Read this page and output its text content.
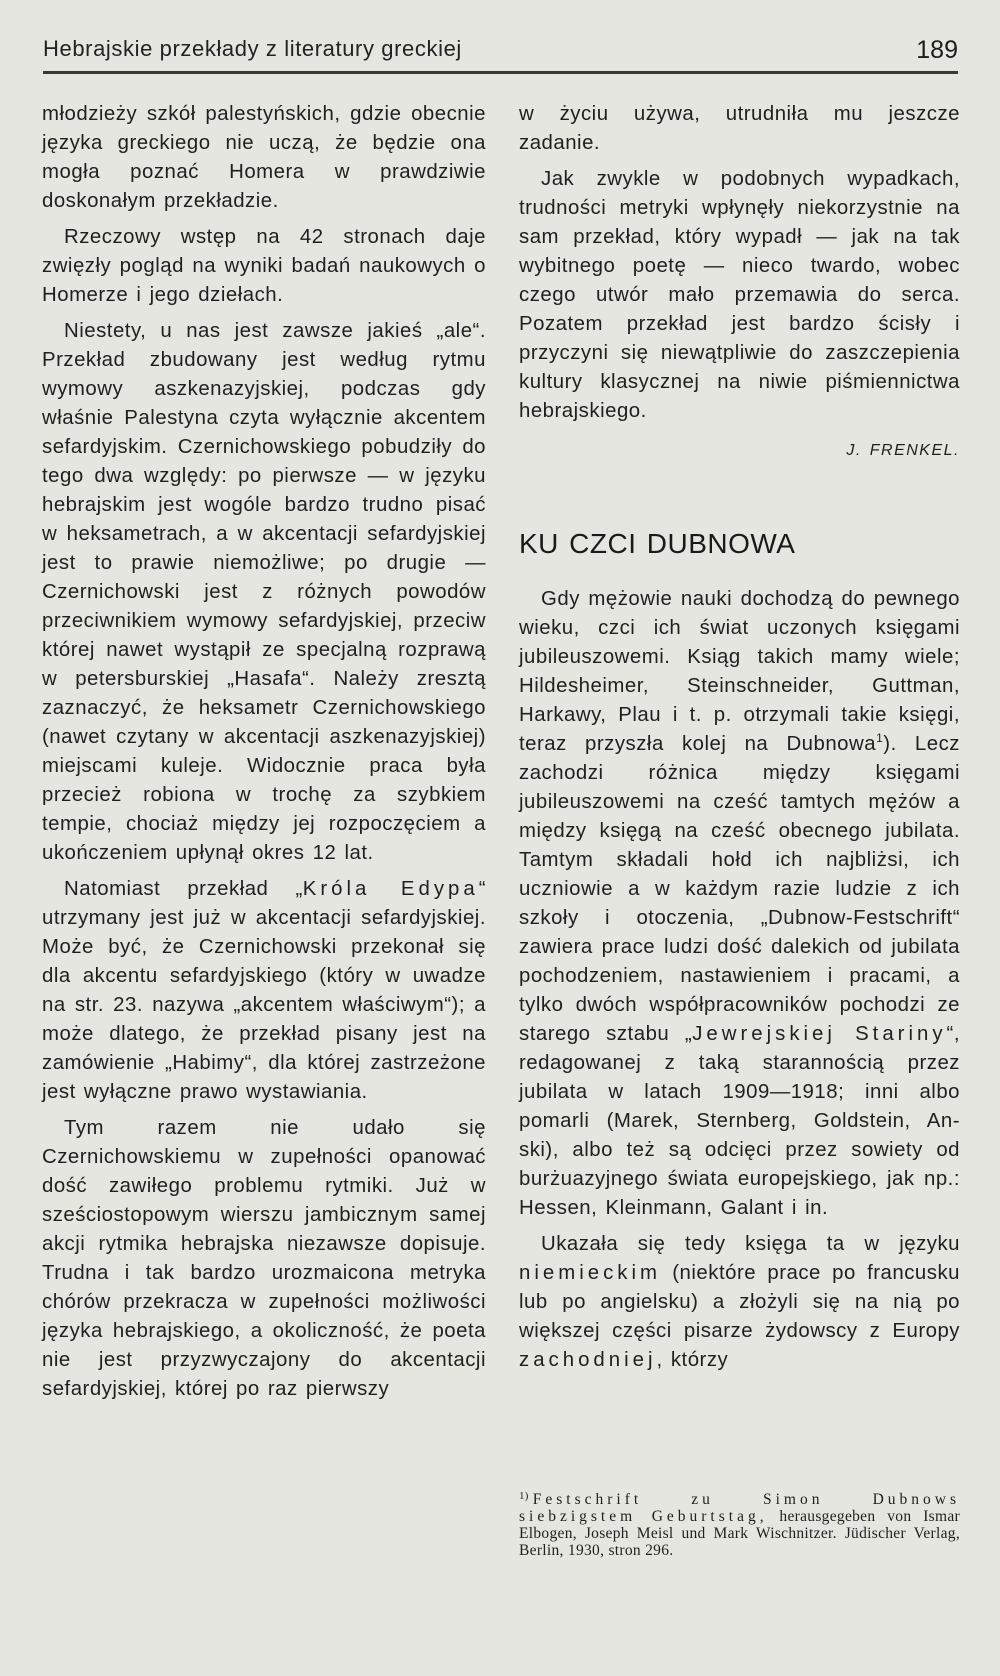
Hebrajskie przekłady z literatury greckiej	189

młodzieży szkół palestyńskich, gdzie obecnie języka greckiego nie uczą, że będzie ona mogła poznać Homera w prawdziwie doskonałym przekładzie.

Rzeczowy wstęp na 42 stronach daje zwięzły pogląd na wyniki badań naukowych o Homerze i jego dziełach.

Niestety, u nas jest zawsze jakieś „ale“. Przekład zbudowany jest według rytmu wymowy aszkenazyjskiej, podczas gdy właśnie Palestyna czyta wyłącznie akcentem sefardyjskim. Czernichowskiego pobudziły do tego dwa względy: po pierwsze — w języku hebrajskim jest wogóle bardzo trudno pisać w heksametrach, a w akcentacji sefardyjskiej jest to prawie niemożliwe; po drugie — Czernichowski jest z różnych powodów przeciwnikiem wymowy sefardyjskiej, przeciw której nawet wystąpił ze specjalną rozprawą w petersburskiej „Hasafa“. Należy zresztą zaznaczyć, że heksametr Czernichowskiego (nawet czytany w akcentacji aszkenazyjskiej) miejscami kuleje. Widocznie praca była przecież robiona w trochę za szybkiem tempie, chociaż między jej rozpoczęciem a ukończeniem upłynął okres 12 lat.

Natomiast przekład „Króla Edypa“ utrzymany jest już w akcentacji sefardyjskiej. Może być, że Czernichowski przekonał się dla akcentu sefardyjskiego (który w uwadze na str. 23. nazywa „akcentem właściwym“); a może dlatego, że przekład pisany jest na zamówienie „Habimy“, dla której zastrzeżone jest wyłączne prawo wystawiania.

Tym razem nie udało się Czernichowskiemu w zupełności opanować dość zawiłego problemu rytmiki. Już w sześciostopowym wierszu jambicznym samej akcji rytmika hebrajska niezawsze dopisuje. Trudna i tak bardzo urozmaicona metryka chórów przekracza w zupełności możliwości języka hebrajskiego, a okoliczność, że poeta nie jest przyzwyczajony do akcentacji sefardyjskiej, której po raz pierwszy

w życiu używa, utrudniła mu jeszcze zadanie.

Jak zwykle w podobnych wypadkach, trudności metryki wpłynęły niekorzystnie na sam przekład, który wypadł — jak na tak wybitnego poetę — nieco twardo, wobec czego utwór mało przemawia do serca. Pozatem przekład jest bardzo ścisły i przyczyni się niewątpliwie do zaszczepienia kultury klasycznej na niwie piśmiennictwa hebrajskiego.

J. FRENKEL.

KU CZCI DUBNOWA

Gdy mężowie nauki dochodzą do pewnego wieku, czci ich świat uczonych księgami jubileuszowemi. Ksiąg takich mamy wiele; Hildesheimer, Steinschneider, Guttman, Harkawy, Plau i t. p. otrzymali takie księgi, teraz przyszła kolej na Dubnowa$^1$). Lecz zachodzi różnica między księgami jubileuszowemi na cześć tamtych mężów a między księgą na cześć obecnego jubilata. Tamtym składali hołd ich najbliżsi, ich uczniowie a w każdym razie ludzie z ich szkoły i otoczenia, „Dubnow-Festschrift“ zawiera prace ludzi dość dalekich od jubilata pochodzeniem, nastawieniem i pracami, a tylko dwóch współpracowników pochodzi ze starego sztabu „Jewrejskiej Stariny“, redagowanej z taką starannością przez jubilata w latach 1909—1918; inni albo pomarli (Marek, Sternberg, Goldstein, An-ski), albo też są odcięci przez sowiety od burżuazyjnego świata europejskiego, jak np.: Hessen, Kleinmann, Galant i in.

Ukazała się tedy księga ta w języku niemieckim (niektóre prace po francusku lub po angielsku) a złożyli się na nią po większej części pisarze żydowscy z Europy zachodniej, którzy

$^{1)}$ Festschrift zu Simon Dubnows siebzigstem Geburtstag, herausgegeben von Ismar Elbogen, Joseph Meisl und Mark Wischnitzer. Jüdischer Verlag, Berlin, 1930, stron 296.
